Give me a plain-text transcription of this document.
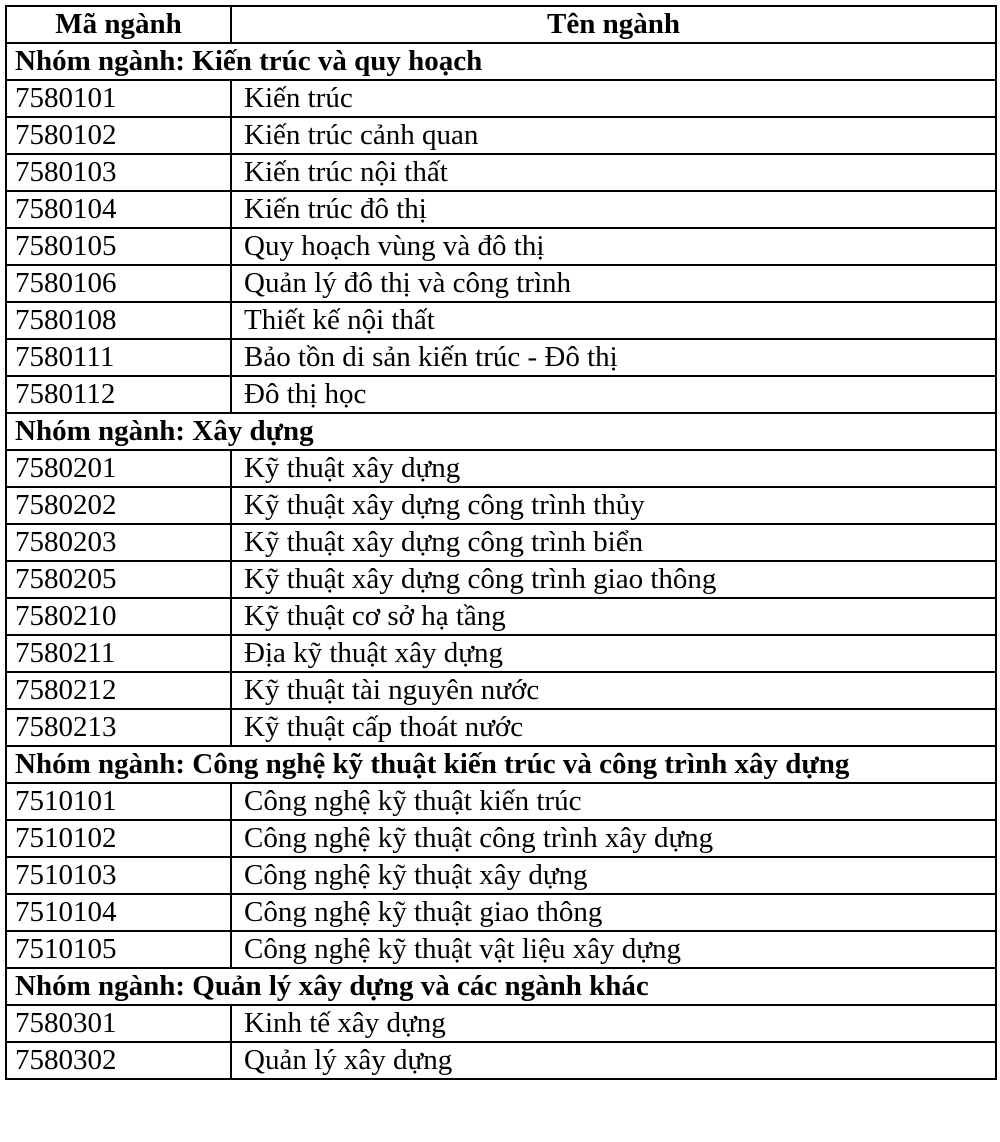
Mã ngành	Tên ngành
Nhóm ngành: Kiến trúc và quy hoạch	
7580101	Kiến trúc
7580102	Kiến trúc cảnh quan
7580103	Kiến trúc nội thất
7580104	Kiến trúc đô thị
7580105	Quy hoạch vùng và đô thị
7580106	Quản lý đô thị và công trình
7580108	Thiết kế nội thất
7580111	Bảo tồn di sản kiến trúc - Đô thị
7580112	Đô thị học
Nhóm ngành: Xây dựng	
7580201	Kỹ thuật xây dựng
7580202	Kỹ thuật xây dựng công trình thủy
7580203	Kỹ thuật xây dựng công trình biển
7580205	Kỹ thuật xây dựng công trình giao thông
7580210	Kỹ thuật cơ sở hạ tầng
7580211	Địa kỹ thuật xây dựng
7580212	Kỹ thuật tài nguyên nước
7580213	Kỹ thuật cấp thoát nước
Nhóm ngành: Công nghệ kỹ thuật kiến trúc và công trình xây dựng	
7510101	Công nghệ kỹ thuật kiến trúc
7510102	Công nghệ kỹ thuật công trình xây dựng
7510103	Công nghệ kỹ thuật xây dựng
7510104	Công nghệ kỹ thuật giao thông
7510105	Công nghệ kỹ thuật vật liệu xây dựng
Nhóm ngành: Quản lý xây dựng và các ngành khác	
7580301	Kinh tế xây dựng
7580302	Quản lý xây dựng
